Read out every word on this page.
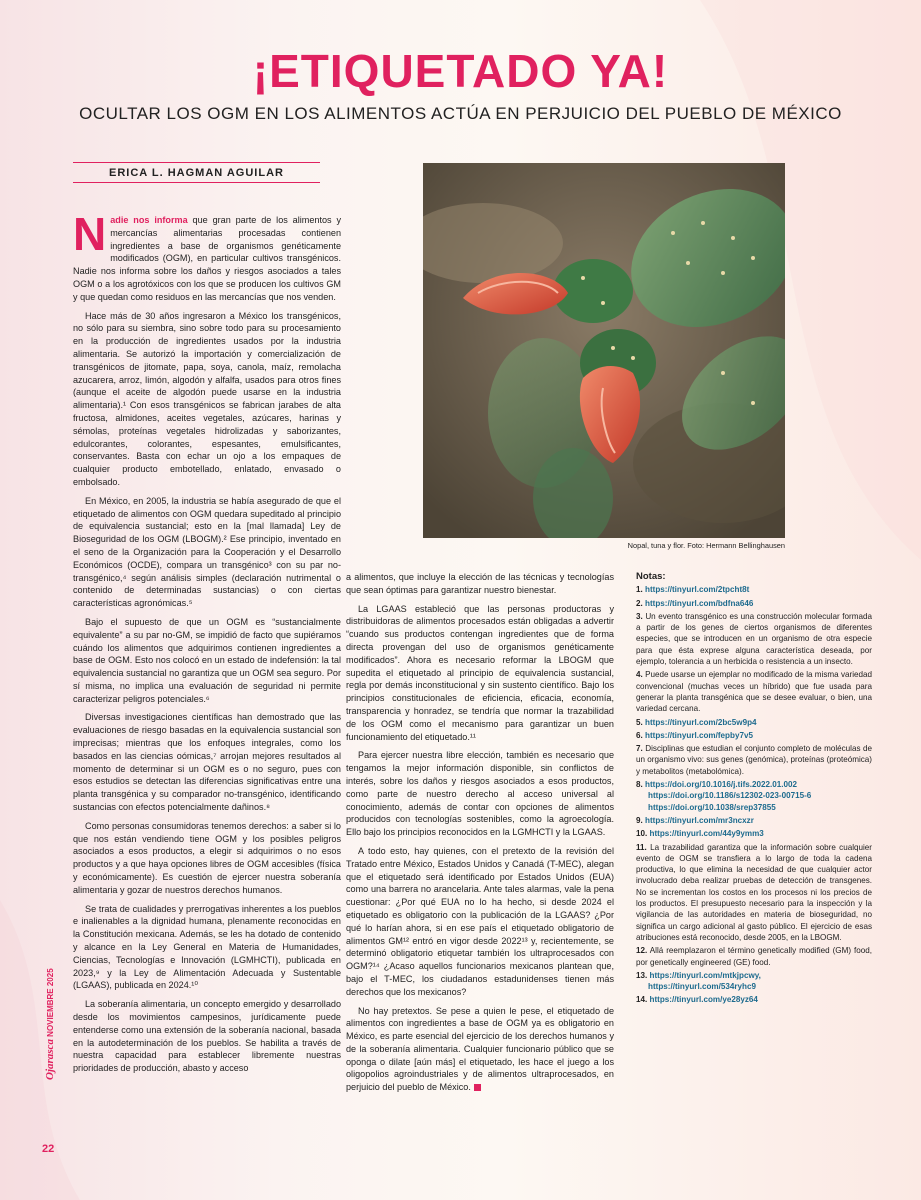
¡ETIQUETADO YA!
OCULTAR LOS OGM EN LOS ALIMENTOS ACTÚA EN PERJUICIO DEL PUEBLO DE MÉXICO
ERICA L. HAGMAN AGUILAR

Nadie nos informa que gran parte de los alimentos y mercancías alimentarias procesadas contienen ingredientes a base de organismos genéticamente modificados (OGM), en particular cultivos transgénicos. Nadie nos informa sobre los daños y riesgos asociados a tales OGM o a los agrotóxicos con los que se producen los cultivos GM y que quedan como residuos en las mercancías que nos venden.

Hace más de 30 años ingresaron a México los transgénicos, no sólo para su siembra, sino sobre todo para su procesamiento en la producción de ingredientes usados por la industria alimentaria. Se autorizó la importación y comercialización de transgénicos de jitomate, papa, soya, canola, maíz, remolacha azucarera, arroz, limón, algodón y alfalfa, usados para otros fines (aunque el aceite de algodón puede usarse en la industria alimentaria).¹ Con esos transgénicos se fabrican jarabes de alta fructosa, almidones, aceites vegetales, azúcares, harinas y sémolas, proteínas vegetales hidrolizadas y saborizantes, edulcorantes, colorantes, espesantes, emulsificantes, conservantes. Basta con echar un ojo a los empaques de cualquier producto embotellado, enlatado, envasado o embolsado.

En México, en 2005, la industria se había asegurado de que el etiquetado de alimentos con OGM quedara supeditado al principio de equivalencia sustancial; esto en la [mal llamada] Ley de Bioseguridad de los OGM (LBOGM).² Ese principio, inventado en el seno de la Organización para la Cooperación y el Desarrollo Económicos (OCDE), compara un transgénico³ con su par no-transgénico,⁴ según análisis simples (declaración nutrimental o contenido de determinadas sustancias) o con ciertas características agronómicas.⁵

Bajo el supuesto de que un OGM es “sustancialmente equivalente” a su par no-GM, se impidió de facto que supiéramos cuándo los alimentos que adquirimos contienen ingredientes a base de OGM. Esto nos colocó en un estado de indefensión: la tal equivalencia sustancial no garantiza que un OGM sea seguro. Por sí misma, no implica una evaluación de seguridad ni permite caracterizar peligros potenciales.⁶

Diversas investigaciones científicas han demostrado que las evaluaciones de riesgo basadas en la equivalencia sustancial son imprecisas; mientras que los enfoques integrales, como los basados en las ciencias oómicas,⁷ arrojan mejores resultados al momento de determinar si un OGM es o no seguro, pues con esos estudios se detectan las diferencias significativas entre una planta transgénica y su comparador no-transgénico, identificando sustancias con efectos potencialmente dañinos.⁸

Como personas consumidoras tenemos derechos: a saber si lo que nos están vendiendo tiene OGM y los posibles peligros asociados a esos productos, a elegir si adquirimos o no esos productos y a que haya opciones libres de OGM accesibles (física y económicamente). Es cuestión de ejercer nuestra soberanía alimentaria y gozar de nuestros derechos humanos.

Se trata de cualidades y prerrogativas inherentes a los pueblos e inalienables a la dignidad humana, plenamente reconocidas en la Constitución mexicana. Además, se les ha dotado de contenido y alcance en la Ley General en Materia de Humanidades, Ciencias, Tecnologías e Innovación (LGMHCTI), publicada en 2023,⁹ y la Ley de Alimentación Adecuada y Sustentable (LGAAS), publicada en 2024.¹⁰

La soberanía alimentaria, un concepto emergido y desarrollado desde los movimientos campesinos, jurídicamente puede entenderse como una extensión de la soberanía nacional, basada en la autodeterminación de los pueblos. Se habilita a través de nuestra capacidad para establecer libremente nuestras prioridades de producción, abasto y acceso

Nopal, tuna y flor. Foto: Hermann Bellinghausen

a alimentos, que incluye la elección de las técnicas y tecnologías que sean óptimas para garantizar nuestro bienestar.

La LGAAS estableció que las personas productoras y distribuidoras de alimentos procesados están obligadas a advertir “cuando sus productos contengan ingredientes que de forma directa provengan del uso de organismos genéticamente modificados”. Ahora es necesario reformar la LBOGM que supedita el etiquetado al principio de equivalencia sustancial, regla por demás inconstitucional y sin sustento científico. Bajo los principios constitucionales de eficiencia, eficacia, economía, transparencia y honradez, se tendría que normar la trazabilidad de los OGM como el mecanismo para garantizar un buen funcionamiento del etiquetado.¹¹

Para ejercer nuestra libre elección, también es necesario que tengamos la mejor información disponible, sin conflictos de interés, sobre los daños y riesgos asociados a esos productos, como parte de nuestro derecho al acceso universal al conocimiento, además de contar con opciones de alimentos producidos con tecnologías sostenibles, como la agroecología. Ello bajo los principios reconocidos en la LGMHCTI y la LGAAS.

A todo esto, hay quienes, con el pretexto de la revisión del Tratado entre México, Estados Unidos y Canadá (T-MEC), alegan que el etiquetado será identificado por Estados Unidos (EUA) como una barrera no arancelaria. Ante tales alarmas, vale la pena cuestionar: ¿Por qué EUA no lo ha hecho, si desde 2024 el etiquetado es obligatorio con la publicación de la LGAAS? ¿Por qué lo harían ahora, si en ese país el etiquetado obligatorio de alimentos GM¹² entró en vigor desde 2022¹³ y, recientemente, se determinó obligatorio etiquetar también los ultraprocesados con OGM?¹⁴ ¿Acaso aquellos funcionarios mexicanos plantean que, bajo el T-MEC, los ciudadanos estadunidenses tienen más derechos que los mexicanos?

No hay pretextos. Se pese a quien le pese, el etiquetado de alimentos con ingredientes a base de OGM ya es obligatorio en México, es parte esencial del ejercicio de los derechos humanos y de la soberanía alimentaria. Cualquier funcionario público que se oponga o dilate [aún más] el etiquetado, les hace el juego a los oligopolios agroindustriales y de alimentos ultraprocesados, en perjuicio del pueblo de México.

Notas:
1. https://tinyurl.com/2tpcht8t
2. https://tinyurl.com/bdfna646
3. Un evento transgénico es una construcción molecular formada a partir de los genes de ciertos organismos de diferentes especies, que se introducen en un organismo de otra especie para que ésta exprese alguna característica deseada, por ejemplo, tolerancia a un herbicida o resistencia a un insecto.
4. Puede usarse un ejemplar no modificado de la misma variedad convencional (muchas veces un híbrido) que fue usada para generar la planta transgénica que se desee evaluar, o bien, una variedad cercana.
5. https://tinyurl.com/2bc5w9p4
6. https://tinyurl.com/fepby7v5
7. Disciplinas que estudian el conjunto completo de moléculas de un organismo vivo: sus genes (genómica), proteínas (proteómica) y metabolitos (metabolómica).
8. https://doi.org/10.1016/j.tifs.2022.01.002
https://doi.org/10.1186/s12302-023-00715-6
https://doi.org/10.1038/srep37855
9. https://tinyurl.com/mr3ncxzr
10. https://tinyurl.com/44y9ymm3
11. La trazabilidad garantiza que la información sobre cualquier evento de OGM se transfiera a lo largo de toda la cadena productiva, lo que elimina la necesidad de que cualquier actor involucrado deba realizar pruebas de detección de transgenes. No se incrementan los costos en los procesos ni los precios de los productos. El presupuesto necesario para la inspección y la vigilancia de las autoridades en materia de bioseguridad, no significa un cargo adicional al gasto público. El ejercicio de esas atribuciones está reconocido, desde 2005, en la LBOGM.
12. Allá reemplazaron el término genetically modified (GM) food, por genetically engineered (GE) food.
13. https://tinyurl.com/mtkjpcwy,
https://tinyurl.com/534ryhc9
14. https://tinyurl.com/ye28yz64
Ojarasca NOVIEMBRE 2025
22
